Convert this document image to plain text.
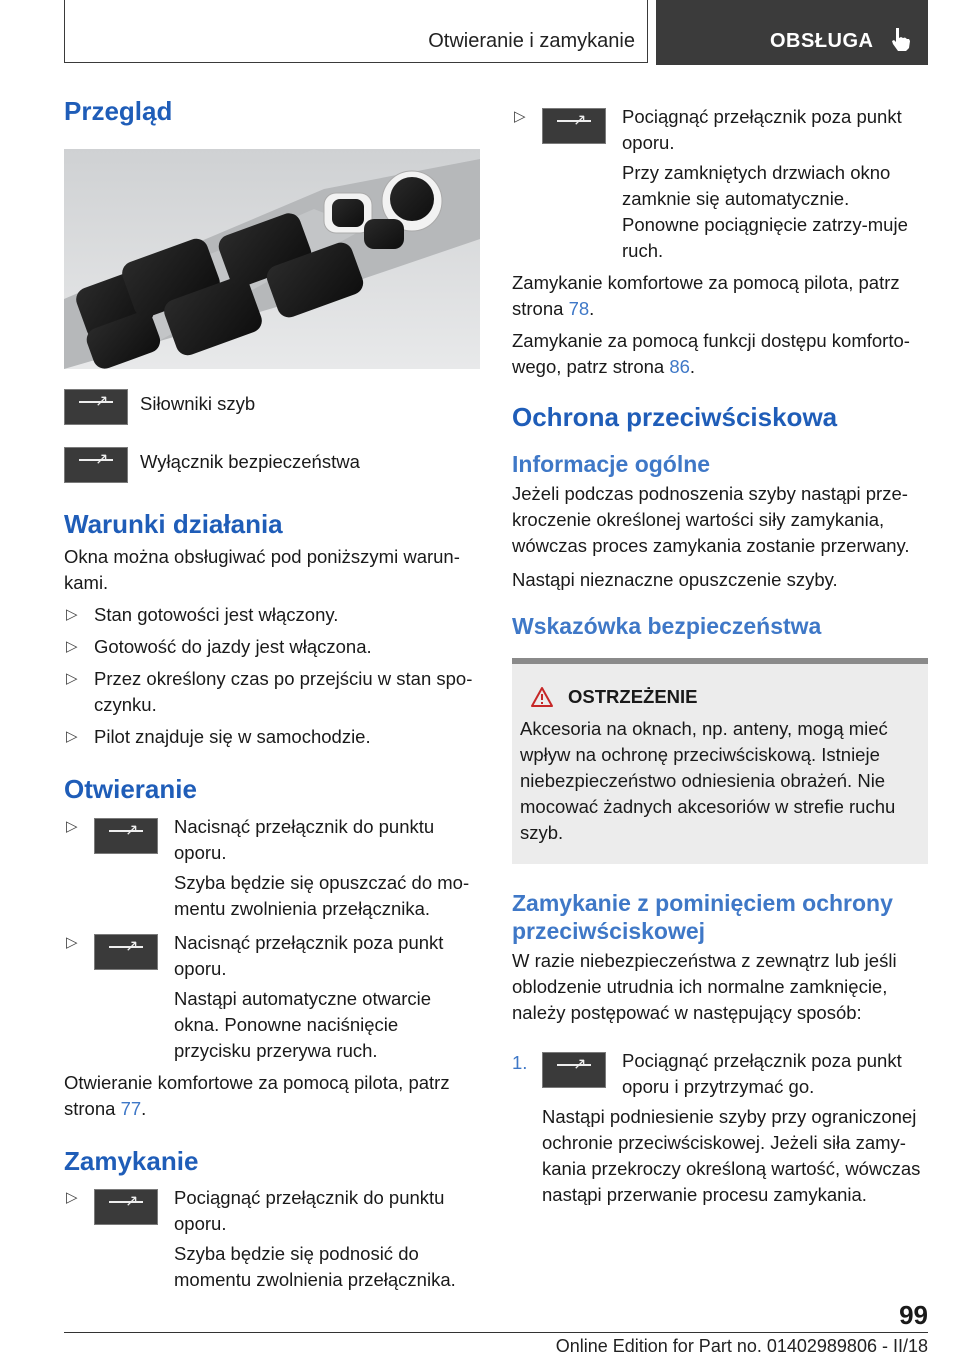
Otwieranie i zamykanie	OBSŁUGA
Przegląd
↗
Siłowniki szyb
↗
Wyłącznik bezpieczeństwa
Warunki działania

Okna można obsługiwać pod poniższymi warun-kami.

▷ Stan gotowości jest włączony.
▷ Gotowość do jazdy jest włączona.
▷ Przez określony czas po przejściu w stan spo-czynku.
▷ Pilot znajduje się w samochodzie.
Otwieranie
↗
▷ Nacisnąć przełącznik do punktu oporu.
Szyba będzie się opuszczać do mo-mentu zwolnienia przełącznika.
↗
▷ Nacisnąć przełącznik poza punkt oporu.
Nastąpi automatyczne otwarcie okna. Ponowne naciśnięcie przycisku przerywa ruch.

Otwieranie komfortowe za pomocą pilota, patrz strona 77.

Zamykanie
↗
▷ Pociągnąć przełącznik do punktu oporu.
Szyba będzie się podnosić do momentu zwolnienia przełącznika.
↗
▷ Pociągnąć przełącznik poza punkt oporu.
Przy zamkniętych drzwiach okno zamknie się automatycznie. Ponowne pociągnięcie zatrzy-muje ruch.

Zamykanie komfortowe za pomocą pilota, patrz strona 78.

Zamykanie za pomocą funkcji dostępu komforto-wego, patrz strona 86.

Ochrona przeciwściskowa
Informacje ogólne

Jeżeli podczas podnoszenia szyby nastąpi prze-kroczenie określonej wartości siły zamykania, wówczas proces zamykania zostanie przerwany.

Nastąpi nieznaczne opuszczenie szyby.

Wskazówka bezpieczeństwa
OSTRZEŻENIE

Akcesoria na oknach, np. anteny, mogą mieć wpływ na ochronę przeciwściskową. Istnieje niebezpieczeństwo odniesienia obrażeń. Nie mocować żadnych akcesoriów w strefie ruchu szyb.

Zamykanie z pominięciem ochrony przeciwściskowej

W razie niebezpieczeństwa z zewnątrz lub jeśli oblodzenie utrudnia ich normalne zamknięcie, należy postępować w następujący sposób:

1.
↗	Pociągnąć przełącznik poza punkt oporu i przytrzymać go.
Nastąpi podniesienie szyby przy ograniczonej ochronie przeciwściskowej. Jeżeli siła zamy-kania przekroczy określoną wartość, wówczas nastąpi przerwanie procesu zamykania.
99
Online Edition for Part no. 01402989806 - II/18
